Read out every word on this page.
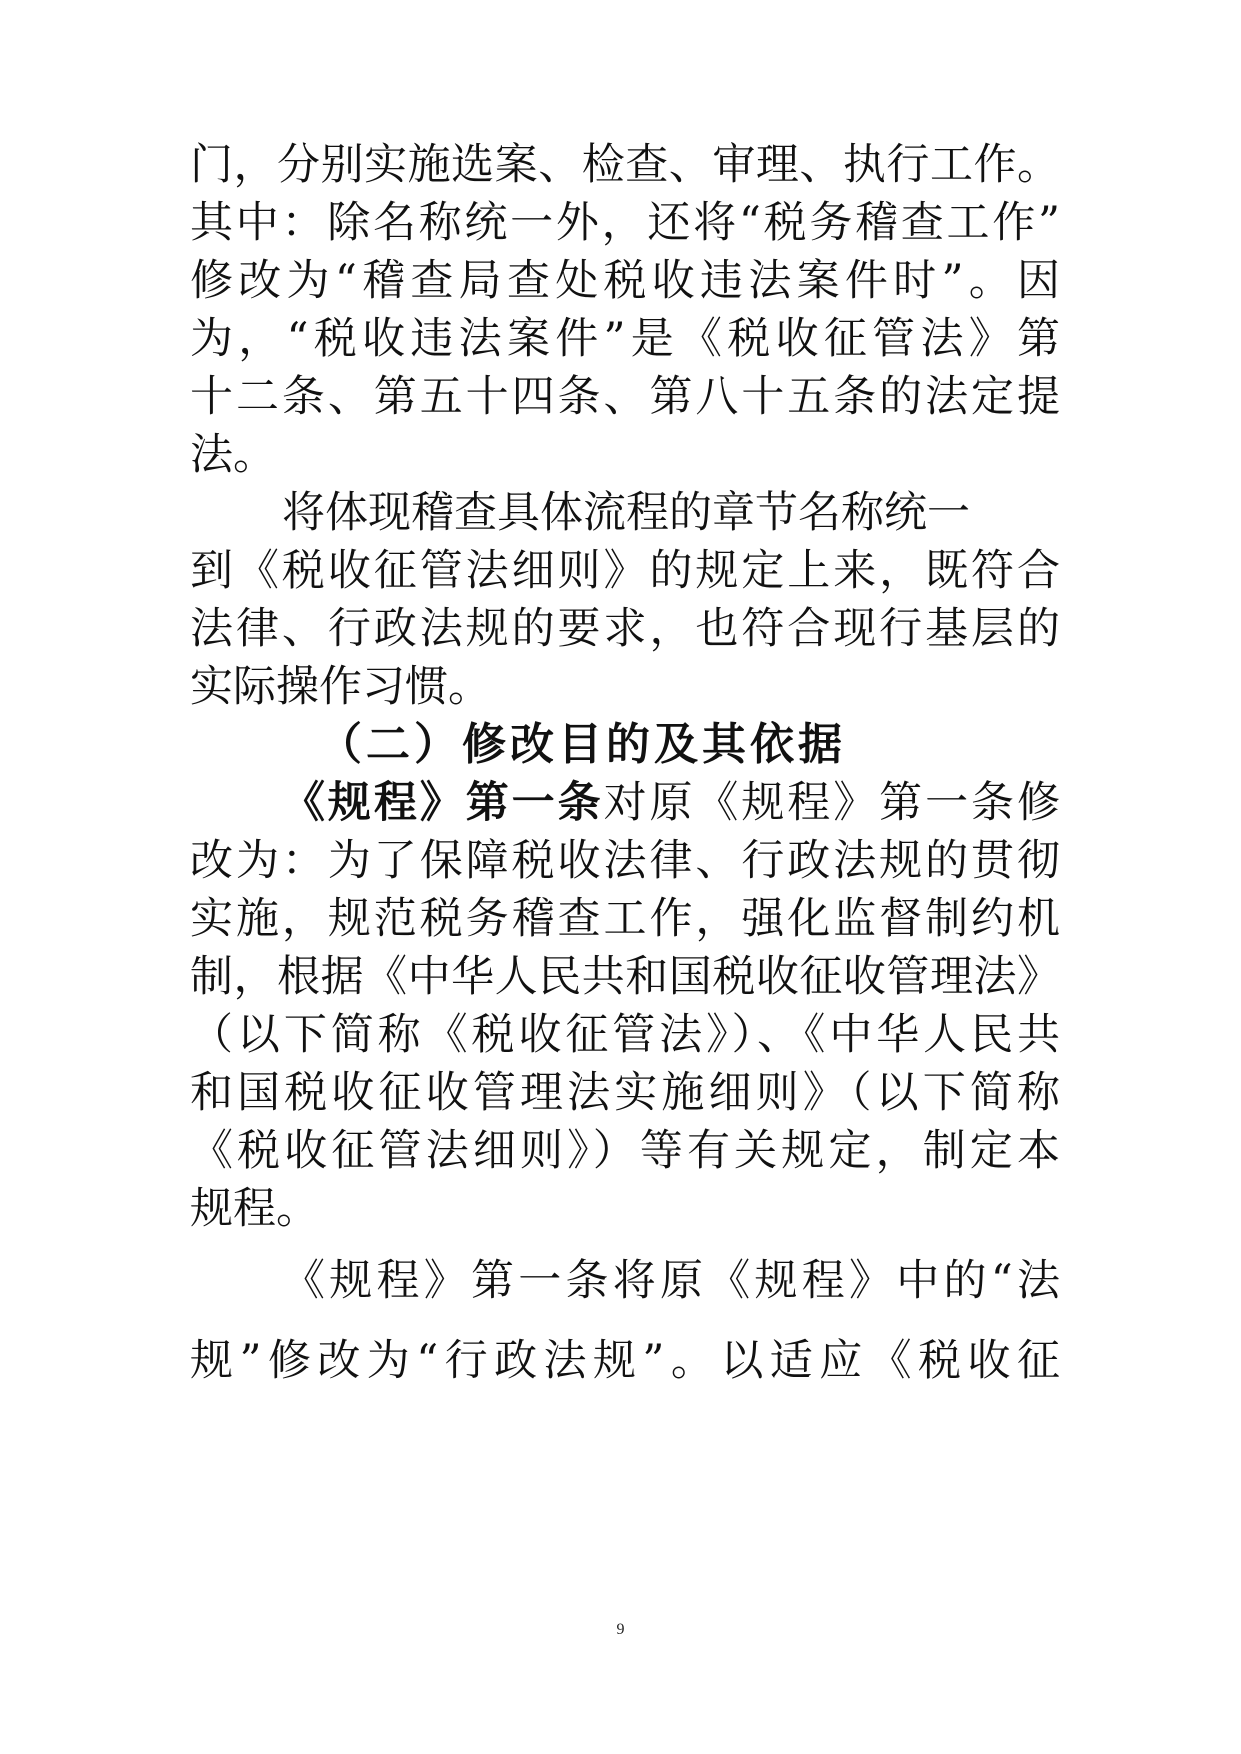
门，分别实施选案、检查、审理、执行工作。
其中：除名称统一外，还将“税务稽查工作”
修改为“稽查局查处税收违法案件时”。因
为，“税收违法案件”是《税收征管法》第
十二条、第五十四条、第八十五条的法定提
法。
将体现稽查具体流程的章节名称统一
到《税收征管法细则》的规定上来，既符合
法律、行政法规的要求，也符合现行基层的
实际操作习惯。
（二）修改目的及其依据
《规程》第一条对原《规程》第一条修
改为：为了保障税收法律、行政法规的贯彻
实施，规范税务稽查工作，强化监督制约机
制，根据《中华人民共和国税收征收管理法》
（以下简称《税收征管法》）、《中华人民共
和国税收征收管理法实施细则》（以下简称
《税收征管法细则》）等有关规定，制定本
规程。
《规程》第一条将原《规程》中的“法
规”修改为“行政法规”。以适应《税收征
9
